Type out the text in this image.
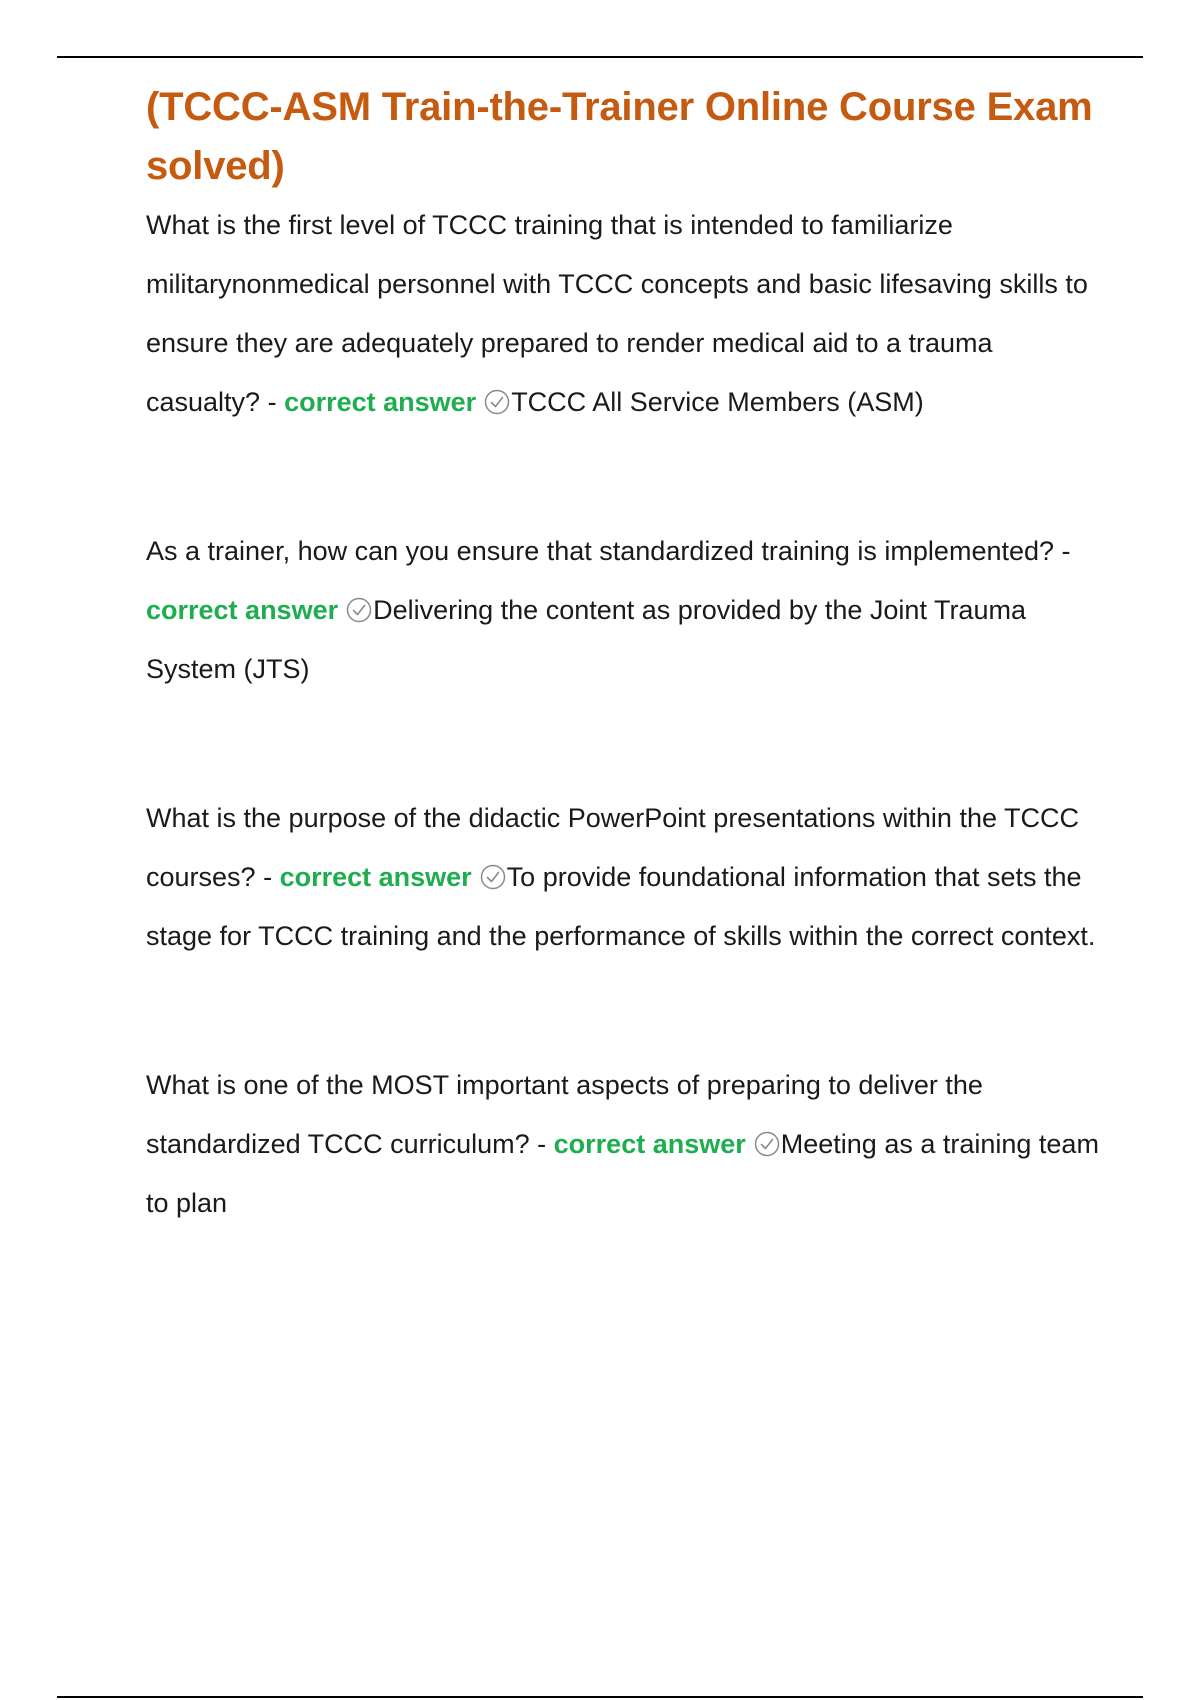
(TCCC-ASM Train-the-Trainer Online Course Exam solved)

What is the first level of TCCC training that is intended to familiarize militarynonmedical personnel with TCCC concepts and basic lifesaving skills to ensure they are adequately prepared to render medical aid to a trauma casualty? - correct answer TCCC All Service Members (ASM)

As a trainer, how can you ensure that standardized training is implemented? - correct answer Delivering the content as provided by the Joint Trauma System (JTS)

What is the purpose of the didactic PowerPoint presentations within the TCCC courses? - correct answer To provide foundational information that sets the stage for TCCC training and the performance of skills within the correct context.

What is one of the MOST important aspects of preparing to deliver the standardized TCCC curriculum? - correct answer Meeting as a training team to plan
